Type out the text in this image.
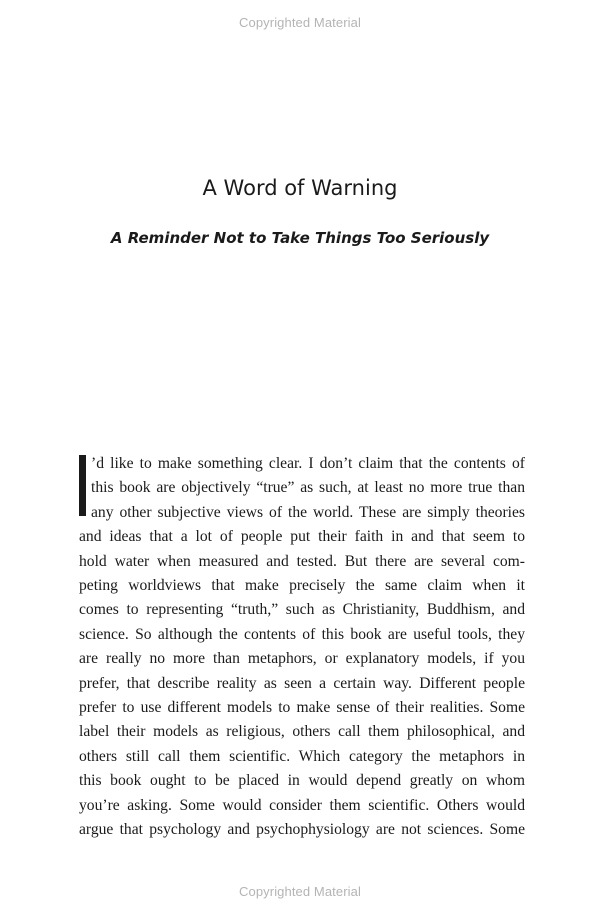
Copyrighted Material
A Word of Warning
A Reminder Not to Take Things Too Seriously

’d like to make something clear. I don’t claim that the contents of
this book are objectively “true” as such, at least no more true than
any other subjective views of the world. These are simply theories
and ideas that a lot of people put their faith in and that seem to
hold water when measured and tested. But there are several com-
peting worldviews that make precisely the same claim when it
comes to representing “truth,” such as Christianity, Buddhism, and
science. So although the contents of this book are useful tools, they
are really no more than metaphors, or explanatory models, if you
prefer, that describe reality as seen a certain way. Different people
prefer to use different models to make sense of their realities. Some
label their models as religious, others call them philosophical, and
others still call them scientific. Which category the metaphors in
this book ought to be placed in would depend greatly on whom
you’re asking. Some would consider them scientific. Others would
argue that psychology and psychophysiology are not sciences. Some

Copyrighted Material
